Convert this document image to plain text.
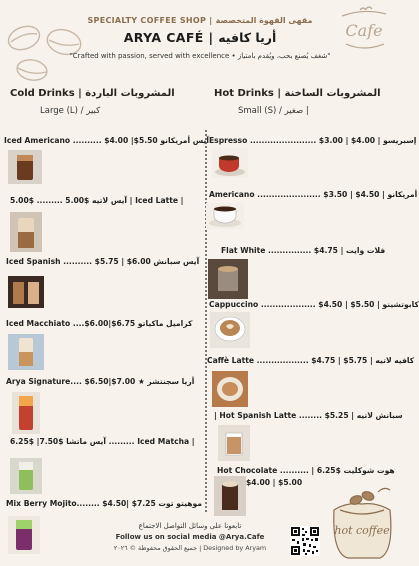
Cafe
SPECIALTY COFFEE SHOP | مقهى القهوة المتخصصة
ARYA CAFÉ | أريا كافيه
"Crafted with passion, served with excellence • شغف يُصنع بحب، ويُقدم بامتياز"
Cold Drinks | المشروبات الباردة	Hot Drinks | المشروبات الساخنة
Large (L) / كبير	Small (S) / صغير |
Iced Americano .......... $4.00 |$5.50 آيس أمريكانو
آيس لاتيه $5.00 ......... $5.00 | Iced Latte |
Iced Spanish .......... $5.75 | $6.00 آيس سبانش
Iced Macchiato ....$6.00|$6.75 كراميل ماكياتو
Arya Signature.... $6.50|$7.00 ★ أريا سجنتشر
آيس ماتشا $7.50| $6.25 ......... Iced Matcha |
Mix Berry Mojito........ $4.50| $7.25 موهيتو توت
Espresso ....................... $3.00 | $4.00 | إسبريسو
Americano ...................... $3.50 | $4.50 | أمريكانو
Flat White ............... $4.75 | فلات وايت
Cappuccino ................... $4.50 | $5.50 | كابوتشينو
Caffè Latte .................. $4.75 | $5.75 | كافيه لاتيه
| Hot Spanish Latte ........ $5.25 | سبانش لاتيه
Hot Chocolate .......... | هوت شوكليت $6.25
$4.00 | $5.00
hot coffee
تابعونا على وسائل التواصل الاجتماع
Follow us on social media @Arya.Cafe
جميع الحقوق محفوظة © ٢٠٢٦ | Designed by Aryam
